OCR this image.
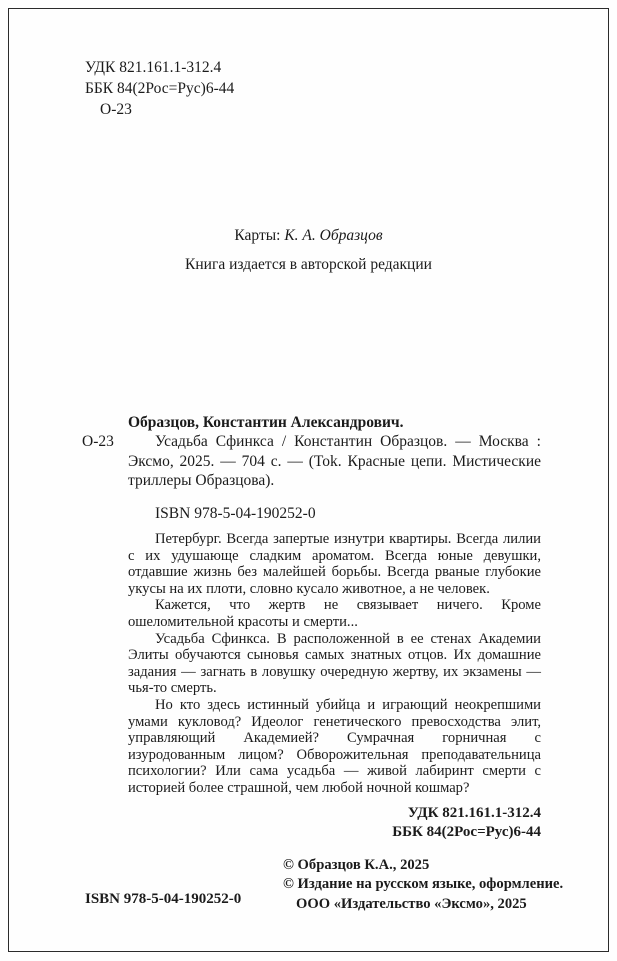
УДК 821.161.1-312.4
ББК 84(2Рос=Рус)6-44
О-23
Карты: К. А. Образцов
Книга издается в авторской редакции
Образцов, Константин Александрович.
О-23	Усадьба Сфинкса / Константин Образцов. — Москва : Эксмо, 2025. — 704 с. — (Tok. Красные цепи. Мистические триллеры Образцова).

ISBN 978-5-04-190252-0

Петербург. Всегда запертые изнутри квартиры. Всегда лилии с их удушающе сладким ароматом. Всегда юные девушки, отдавшие жизнь без малейшей борьбы. Всегда рваные глубокие укусы на их плоти, словно кусало животное, а не человек.

Кажется, что жертв не связывает ничего. Кроме ошеломительной красоты и смерти...

Усадьба Сфинкса. В расположенной в ее стенах Академии Элиты обучаются сыновья самых знатных отцов. Их домашние задания — загнать в ловушку очередную жертву, их экзамены — чья-то смерть.

Но кто здесь истинный убийца и играющий неокрепшими умами кукловод? Идеолог генетического превосходства элит, управляющий Академией? Сумрачная горничная с изуродованным лицом? Обворожительная преподавательница психологии? Или сама усадьба — живой лабиринт смерти с историей более страшной, чем любой ночной кошмар?

УДК 821.161.1-312.4
ББК 84(2Рос=Рус)6-44
© Образцов К.А., 2025
© Издание на русском языке, оформление.
ООО «Издательство «Эксмо», 2025
ISBN 978-5-04-190252-0
